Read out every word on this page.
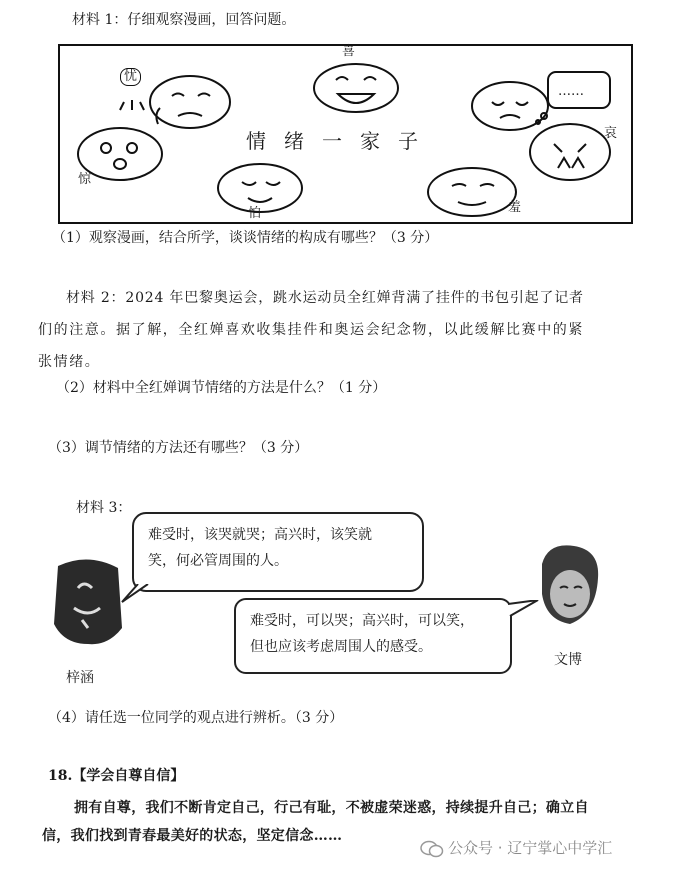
材料 1：仔细观察漫画，回答问题。
喜
忧
哀
惊
怕	羞
……
情绪一家子
（1）观察漫画，结合所学，谈谈情绪的构成有哪些？（3 分）
材料 2：2024 年巴黎奥运会，跳水运动员全红婵背满了挂件的书包引起了记者
们的注意。据了解，全红婵喜欢收集挂件和奥运会纪念物，以此缓解比赛中的紧
张情绪。
（2）材料中全红婵调节情绪的方法是什么？（1 分）
（3）调节情绪的方法还有哪些？（3 分）
材料 3：
难受时，该哭就哭；高兴时，该笑就
笑，何必管周围的人。
难受时，可以哭；高兴时，可以笑，
但也应该考虑周围人的感受。
梓涵
文博
（4）请任选一位同学的观点进行辨析。（3 分）
18.【学会自尊自信】
拥有自尊，我们不断肯定自己，行己有耻，不被虚荣迷惑，持续提升自己；确立自
信，我们找到青春最美好的状态，坚定信念……
公众号 · 辽宁掌心中学汇
